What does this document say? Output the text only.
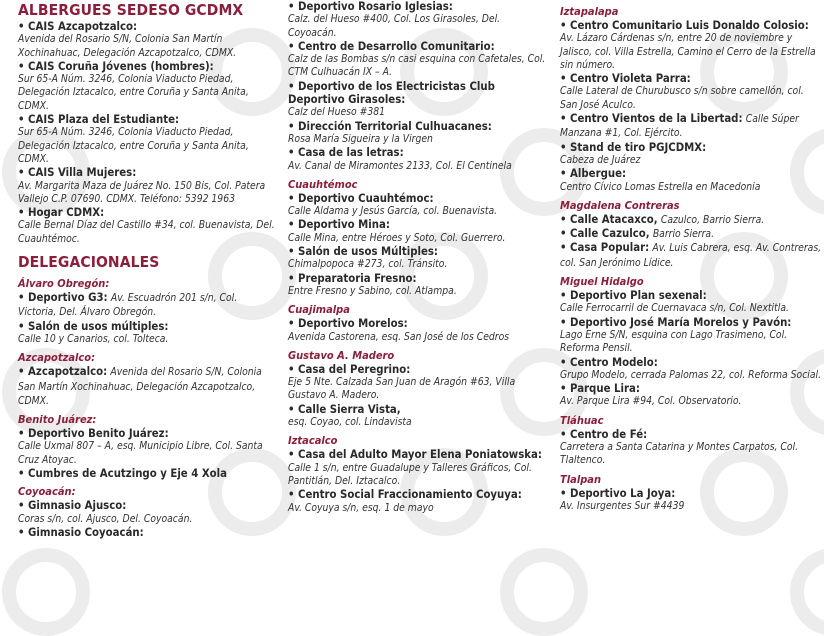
ALBERGUES SEDESO GCDMX
• CAIS Azcapotzalco:
Avenida del Rosario S/N, Colonia San Martín Xochinahuac, Delegación Azcapotzalco, CDMX.
• CAIS Coruña Jóvenes (hombres):
Sur 65-A Núm. 3246, Colonia Viaducto Piedad, Delegación Iztacalco, entre Coruña y Santa Anita, CDMX.
• CAIS Plaza del Estudiante:
Sur 65-A Núm. 3246, Colonia Viaducto Piedad, Delegación Iztacalco, entre Coruña y Santa Anita, CDMX.
• CAIS Villa Mujeres:
Av. Margarita Maza de Juárez No. 150 Bis, Col. Patera Vallejo C.P. 07690. CDMX. Teléfono: 5392 1963
• Hogar CDMX:
Calle Bernal Díaz del Castillo #34, col. Buenavista, Del. Cuauhtémoc.
DELEGACIONALES
Álvaro Obregón:
• Deportivo G3: Av. Escuadrón 201 s/n, Col. Victoria, Del. Álvaro Obregón.
• Salón de usos múltiples:
Calle 10 y Canarios, col. Tolteca.
Azcapotzalco:
• Azcapotzalco: Avenida del Rosario S/N, Colonia San Martín Xochinahuac, Delegación Azcapotzalco, CDMX.
Benito Juárez:
• Deportivo Benito Juárez:
Calle Uxmal 807 – A, esq. Municipio Libre, Col. Santa Cruz Atoyac.
• Cumbres de Acutzingo y Eje 4 Xola
Coyoacán:
• Gimnasio Ajusco:
Coras s/n, col. Ajusco, Del. Coyoacán.
• Gimnasio Coyoacán:
• Deportivo Rosario Iglesias:
Calz. del Hueso #400, Col. Los Girasoles, Del. Coyoacán.
• Centro de Desarrollo Comunitario:
Calz de las Bombas s/n casi esquina con Cafetales, Col. CTM Culhuacán IX – A.
• Deportivo de los Electricistas Club Deportivo Girasoles:
Calz del Hueso #381
• Dirección Territorial Culhuacanes:
Rosa María Sigueira y la Virgen
• Casa de las letras:
Av. Canal de Miramontes 2133, Col. El Centinela
Cuauhtémoc
• Deportivo Cuauhtémoc:
Calle Aldama y Jesús García, col. Buenavista.
• Deportivo Mina:
Calle Mina, entre Héroes y Soto, Col. Guerrero.
• Salón de usos Múltiples:
Chimalpopoca #273, col. Tránsito.
• Preparatoria Fresno:
Entre Fresno y Sabino, col. Atlampa.
Cuajimalpa
• Deportivo Morelos:
Avenida Castorena, esq. San José de los Cedros
Gustavo A. Madero
• Casa del Peregrino:
Eje 5 Nte. Calzada San Juan de Aragón #63, Villa Gustavo A. Madero.
• Calle Sierra Vista,
esq. Coyao, col. Lindavista
Iztacalco
• Casa del Adulto Mayor Elena Poniatowska:
Calle 1 s/n, entre Guadalupe y Talleres Gráficos, Col. Pantitlán, Del. Iztacalco.
• Centro Social Fraccionamiento Coyuya:
Av. Coyuya s/n, esq. 1 de mayo
Iztapalapa
• Centro Comunitario Luis Donaldo Colosio:
Av. Lázaro Cárdenas s/n, entre 20 de noviembre y Jalisco, col. Villa Estrella, Camino el Cerro de la Estrella sin número.
• Centro Violeta Parra:
Calle Lateral de Churubusco s/n sobre camellón, col. San José Aculco.
• Centro Vientos de la Libertad: Calle Súper Manzana #1, Col. Ejército.
• Stand de tiro PGJCDMX:
Cabeza de Juárez
• Albergue:
Centro Cívico Lomas Estrella en Macedonia
Magdalena Contreras
• Calle Atacaxco, Cazulco, Barrio Sierra.
• Calle Cazulco, Barrio Sierra.
• Casa Popular: Av. Luis Cabrera, esq. Av. Contreras, col. San Jerónimo Lídice.
Miguel Hidalgo
• Deportivo Plan sexenal:
Calle Ferrocarril de Cuernavaca s/n, Col. Nextitla.
• Deportivo José María Morelos y Pavón:
Lago Erne S/N, esquina con Lago Trasimeno, Col. Reforma Pensil.
• Centro Modelo:
Grupo Modelo, cerrada Palomas 22, col. Reforma Social.
• Parque Lira:
Av. Parque Lira #94, Col. Observatorio.
Tláhuac
• Centro de Fé:
Carretera a Santa Catarina y Montes Carpatos, Col. Tlaltenco.
Tlalpan
• Deportivo La Joya:
Av. Insurgentes Sur #4439
